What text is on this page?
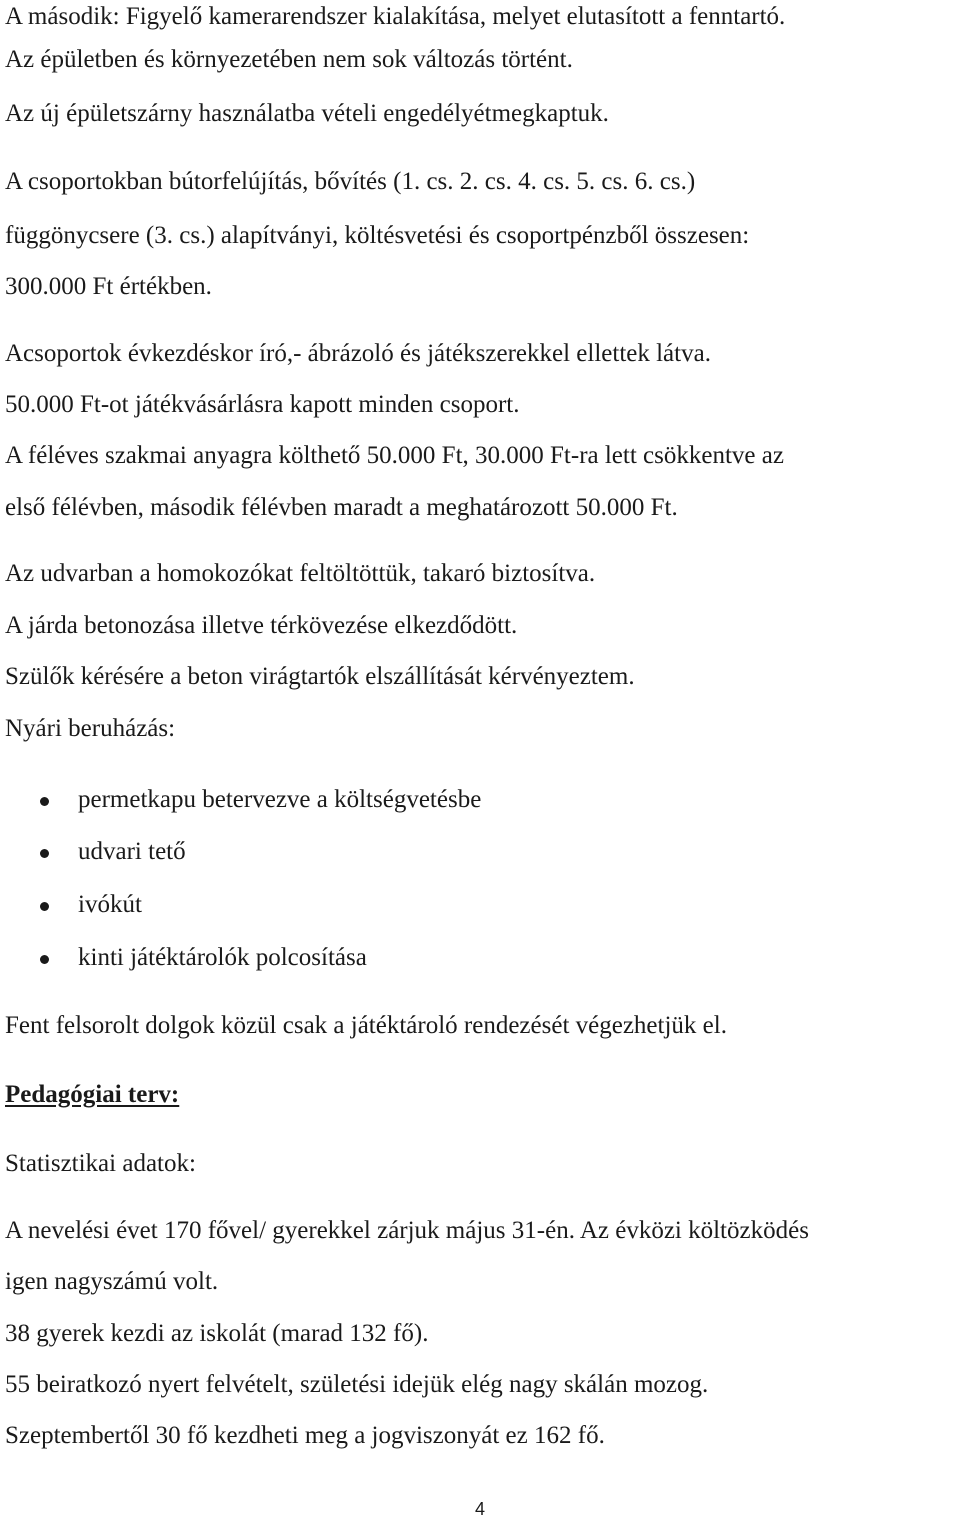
A második: Figyelő kamerarendszer kialakítása, melyet elutasított a fenntartó.
Az épületben és környezetében nem sok változás történt.
Az új épületszárny használatba vételi engedélyétmegkaptuk.
A csoportokban bútorfelújítás, bővítés (1. cs. 2. cs. 4. cs. 5. cs. 6. cs.)
függönycsere (3. cs.) alapítványi, költésvetési és csoportpénzből összesen:
300.000 Ft értékben.
Acsoportok évkezdéskor író,- ábrázoló és játékszerekkel ellettek látva.
50.000 Ft-ot játékvásárlásra kapott minden csoport.
A féléves szakmai anyagra költhető 50.000 Ft, 30.000 Ft-ra lett csökkentve az
első félévben, második félévben maradt a meghatározott 50.000 Ft.
Az udvarban a homokozókat feltöltöttük, takaró biztosítva.
A járda betonozása illetve térkövezése elkezdődött.
Szülők kérésére a beton virágtartók elszállítását kérvényeztem.
Nyári beruházás:
permetkapu betervezve a költségvetésbe
udvari tető
ivókút
kinti játéktárolók polcosítása
Fent felsorolt dolgok közül csak a játéktároló rendezését végezhetjük el.
Pedagógiai terv:
Statisztikai adatok:
A nevelési évet 170 fővel/ gyerekkel zárjuk május 31-én. Az évközi költözködés
igen nagyszámú volt.
38 gyerek kezdi az iskolát (marad 132 fő).
55 beiratkozó nyert felvételt, születési idejük elég nagy skálán mozog.
Szeptembertől 30 fő kezdheti meg a jogviszonyát ez 162 fő.
4
